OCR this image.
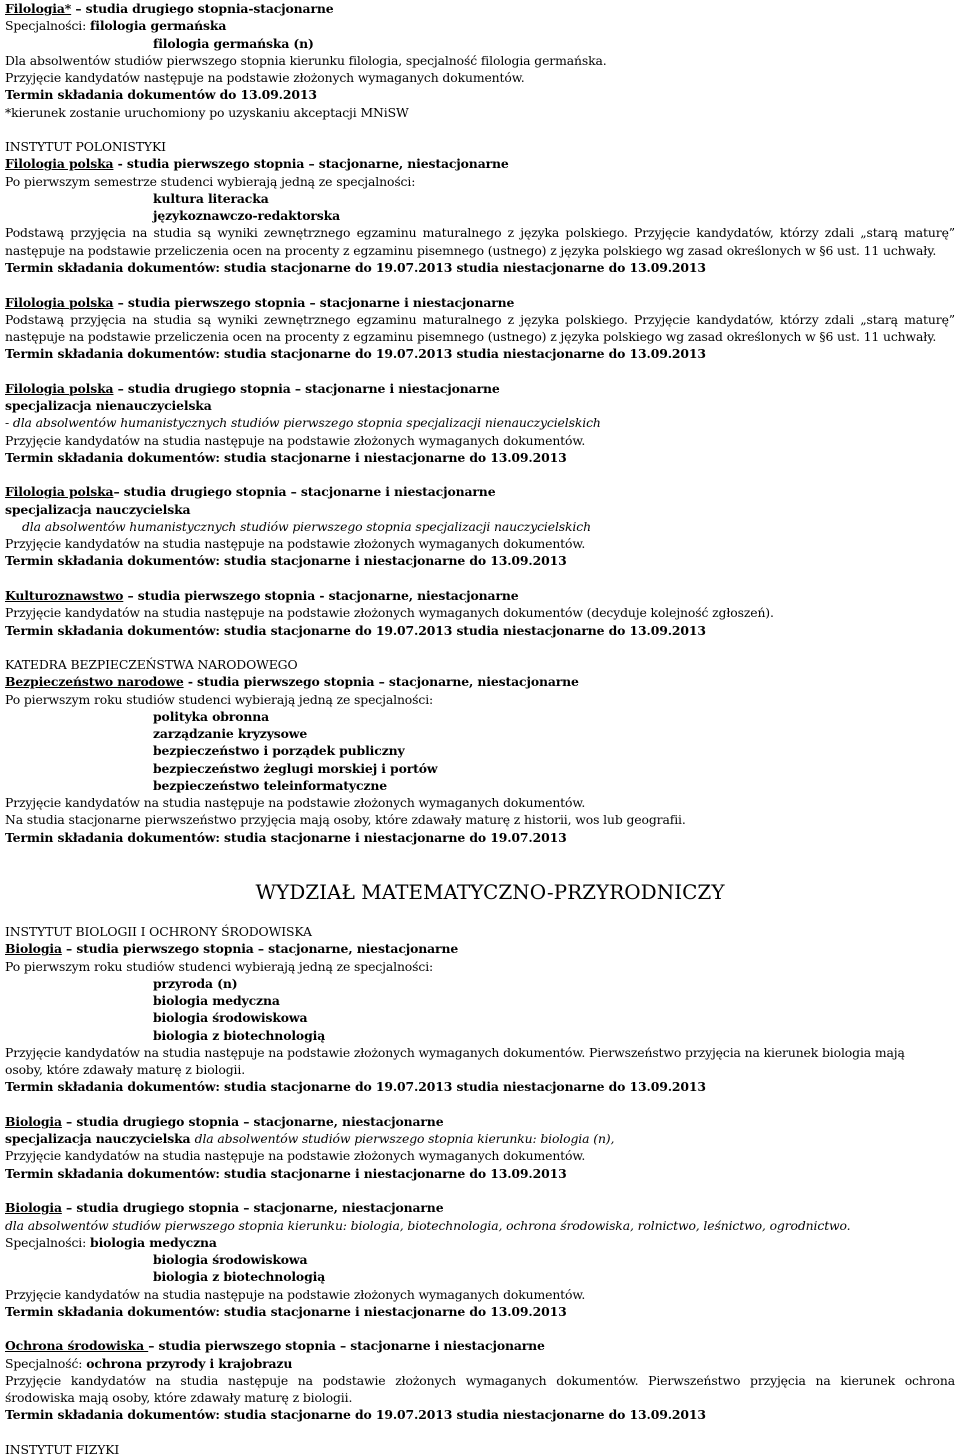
Filologia* – studia drugiego stopnia-stacjonarne
Specjalności: filologia germańska
filologia germańska (n)
Dla absolwentów studiów pierwszego stopnia kierunku filologia, specjalność filologia germańska.
Przyjęcie kandydatów następuje na podstawie złożonych wymaganych dokumentów.
Termin składania dokumentów do 13.09.2013
*kierunek zostanie uruchomiony po uzyskaniu akceptacji MNiSW
INSTYTUT POLONISTYKI
Filologia polska - studia pierwszego stopnia – stacjonarne, niestacjonarne
Po pierwszym semestrze studenci wybierają jedną ze specjalności:
kultura literacka
językoznawczo-redaktorska
Podstawą przyjęcia na studia są wyniki zewnętrznego egzaminu maturalnego z języka polskiego. Przyjęcie kandydatów, którzy zdali „starą maturę”
następuje na podstawie przeliczenia ocen na procenty z egzaminu pisemnego (ustnego) z języka polskiego wg zasad określonych w §6 ust. 11 uchwały.
Termin składania dokumentów: studia stacjonarne do 19.07.2013 studia niestacjonarne do 13.09.2013
Filologia polska – studia pierwszego stopnia – stacjonarne i niestacjonarne
Podstawą przyjęcia na studia są wyniki zewnętrznego egzaminu maturalnego z języka polskiego. Przyjęcie kandydatów, którzy zdali „starą maturę”
następuje na podstawie przeliczenia ocen na procenty z egzaminu pisemnego (ustnego) z języka polskiego wg zasad określonych w §6 ust. 11 uchwały.
Termin składania dokumentów: studia stacjonarne do 19.07.2013 studia niestacjonarne do 13.09.2013
Filologia polska – studia drugiego stopnia – stacjonarne i niestacjonarne
specjalizacja nienauczycielska
- dla absolwentów humanistycznych studiów pierwszego stopnia specjalizacji nienauczycielskich
Przyjęcie kandydatów na studia następuje na podstawie złożonych wymaganych dokumentów.
Termin składania dokumentów: studia stacjonarne i niestacjonarne do 13.09.2013
Filologia polska– studia drugiego stopnia – stacjonarne i niestacjonarne
specjalizacja nauczycielska
dla absolwentów humanistycznych studiów pierwszego stopnia specjalizacji nauczycielskich
Przyjęcie kandydatów na studia następuje na podstawie złożonych wymaganych dokumentów.
Termin składania dokumentów: studia stacjonarne i niestacjonarne do 13.09.2013
Kulturoznawstwo – studia pierwszego stopnia - stacjonarne, niestacjonarne
Przyjęcie kandydatów na studia następuje na podstawie złożonych wymaganych dokumentów (decyduje kolejność zgłoszeń).
Termin składania dokumentów: studia stacjonarne do 19.07.2013 studia niestacjonarne do 13.09.2013
KATEDRA BEZPIECZEŃSTWA NARODOWEGO
Bezpieczeństwo narodowe - studia pierwszego stopnia – stacjonarne, niestacjonarne
Po pierwszym roku studiów studenci wybierają jedną ze specjalności:
polityka obronna
zarządzanie kryzysowe
bezpieczeństwo i porządek publiczny
bezpieczeństwo żeglugi morskiej i portów
bezpieczeństwo teleinformatyczne
Przyjęcie kandydatów na studia następuje na podstawie złożonych wymaganych dokumentów.
Na studia stacjonarne pierwszeństwo przyjęcia mają osoby, które zdawały maturę z historii, wos lub geografii.
Termin składania dokumentów: studia stacjonarne i niestacjonarne do 19.07.2013
WYDZIAŁ MATEMATYCZNO-PRZYRODNICZY
INSTYTUT BIOLOGII I OCHRONY ŚRODOWISKA
Biologia – studia pierwszego stopnia – stacjonarne, niestacjonarne
Po pierwszym roku studiów studenci wybierają jedną ze specjalności:
przyroda (n)
biologia medyczna
biologia środowiskowa
biologia z biotechnologią
Przyjęcie kandydatów na studia następuje na podstawie złożonych wymaganych dokumentów. Pierwszeństwo przyjęcia na kierunek biologia mają
osoby, które zdawały maturę z biologii.
Termin składania dokumentów: studia stacjonarne do 19.07.2013 studia niestacjonarne do 13.09.2013
Biologia – studia drugiego stopnia – stacjonarne, niestacjonarne
specjalizacja nauczycielska dla absolwentów studiów pierwszego stopnia kierunku: biologia (n),
Przyjęcie kandydatów na studia następuje na podstawie złożonych wymaganych dokumentów.
Termin składania dokumentów: studia stacjonarne i niestacjonarne do 13.09.2013
Biologia – studia drugiego stopnia – stacjonarne, niestacjonarne
dla absolwentów studiów pierwszego stopnia kierunku: biologia, biotechnologia, ochrona środowiska, rolnictwo, leśnictwo, ogrodnictwo.
Specjalności: biologia medyczna
biologia środowiskowa
biologia z biotechnologią
Przyjęcie kandydatów na studia następuje na podstawie złożonych wymaganych dokumentów.
Termin składania dokumentów: studia stacjonarne i niestacjonarne do 13.09.2013
Ochrona środowiska – studia pierwszego stopnia – stacjonarne i niestacjonarne
Specjalność: ochrona przyrody i krajobrazu
Przyjęcie kandydatów na studia następuje na podstawie złożonych wymaganych dokumentów. Pierwszeństwo przyjęcia na kierunek ochrona
środowiska mają osoby, które zdawały maturę z biologii.
Termin składania dokumentów: studia stacjonarne do 19.07.2013 studia niestacjonarne do 13.09.2013
INSTYTUT FIZYKI
